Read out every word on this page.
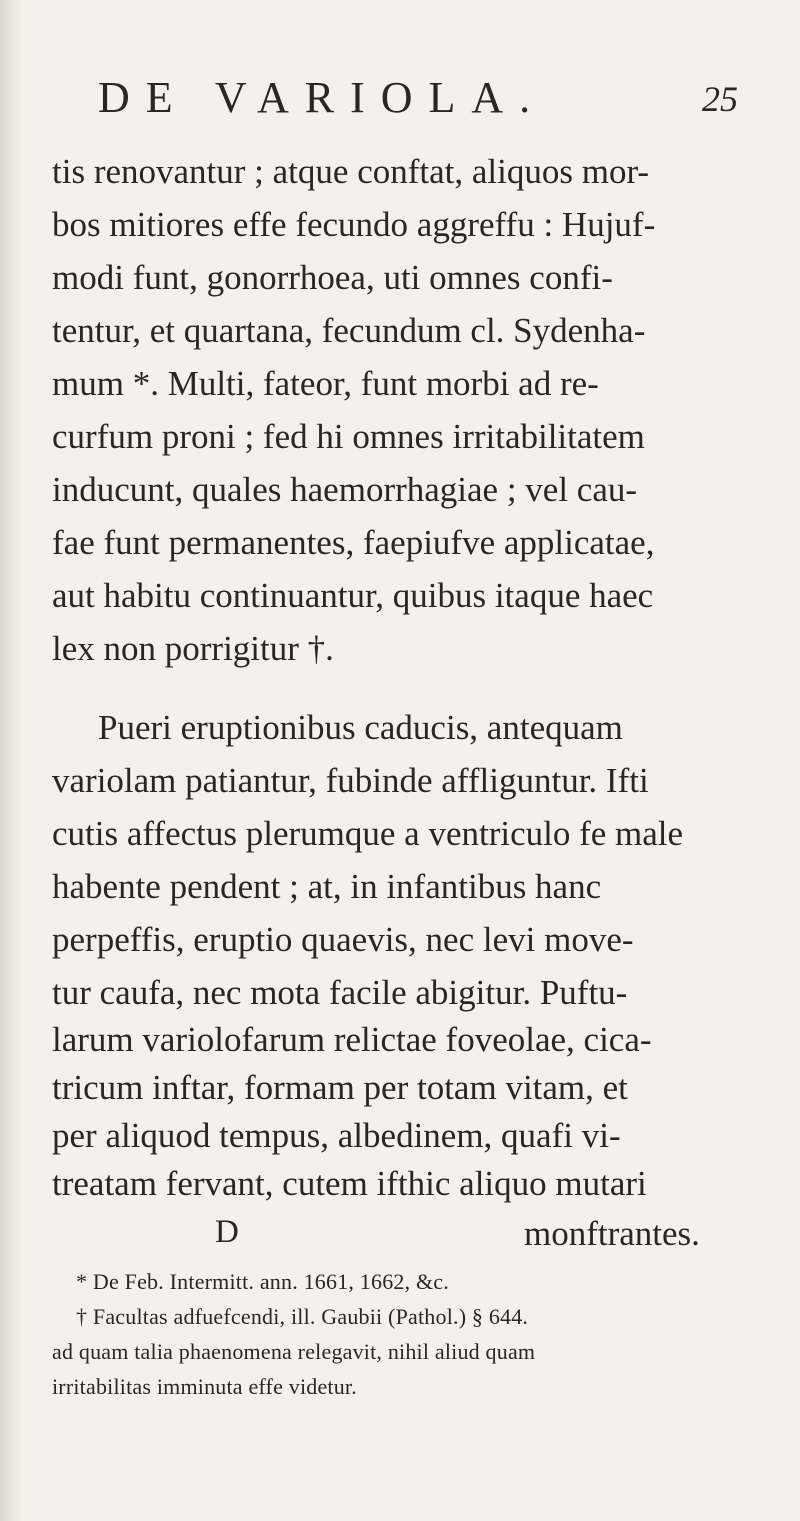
DE VARIOLA.	25
tis renovantur ; atque conftat, aliquos mor-
bos mitiores effe fecundo aggreffu : Hujuf-
modi funt, gonorrhoea, uti omnes confi-
tentur, et quartana, fecundum cl. Sydenha-
mum *. Multi, fateor, funt morbi ad re-
curfum proni ; fed hi omnes irritabilitatem
inducunt, quales haemorrhagiae ; vel cau-
fae funt permanentes, faepiufve applicatae,
aut habitu continuantur, quibus itaque haec
lex non porrigitur †.
Pueri eruptionibus caducis, antequam
variolam patiantur, fubinde affliguntur. Ifti
cutis affectus plerumque a ventriculo fe male
habente pendent ; at, in infantibus hanc
perpeffis, eruptio quaevis, nec levi move-
tur caufa, nec mota facile abigitur. Puftu-
larum variolofarum relictae foveolae, cica-
tricum inftar, formam per totam vitam, et
per aliquod tempus, albedinem, quafi vi-
treatam fervant, cutem ifthic aliquo mutari
D	monftrantes.
* De Feb. Intermitt. ann. 1661, 1662, &c.
† Facultas adfuefcendi, ill. Gaubii (Pathol.) § 644.
ad quam talia phaenomena relegavit, nihil aliud quam
irritabilitas imminuta effe videtur.
